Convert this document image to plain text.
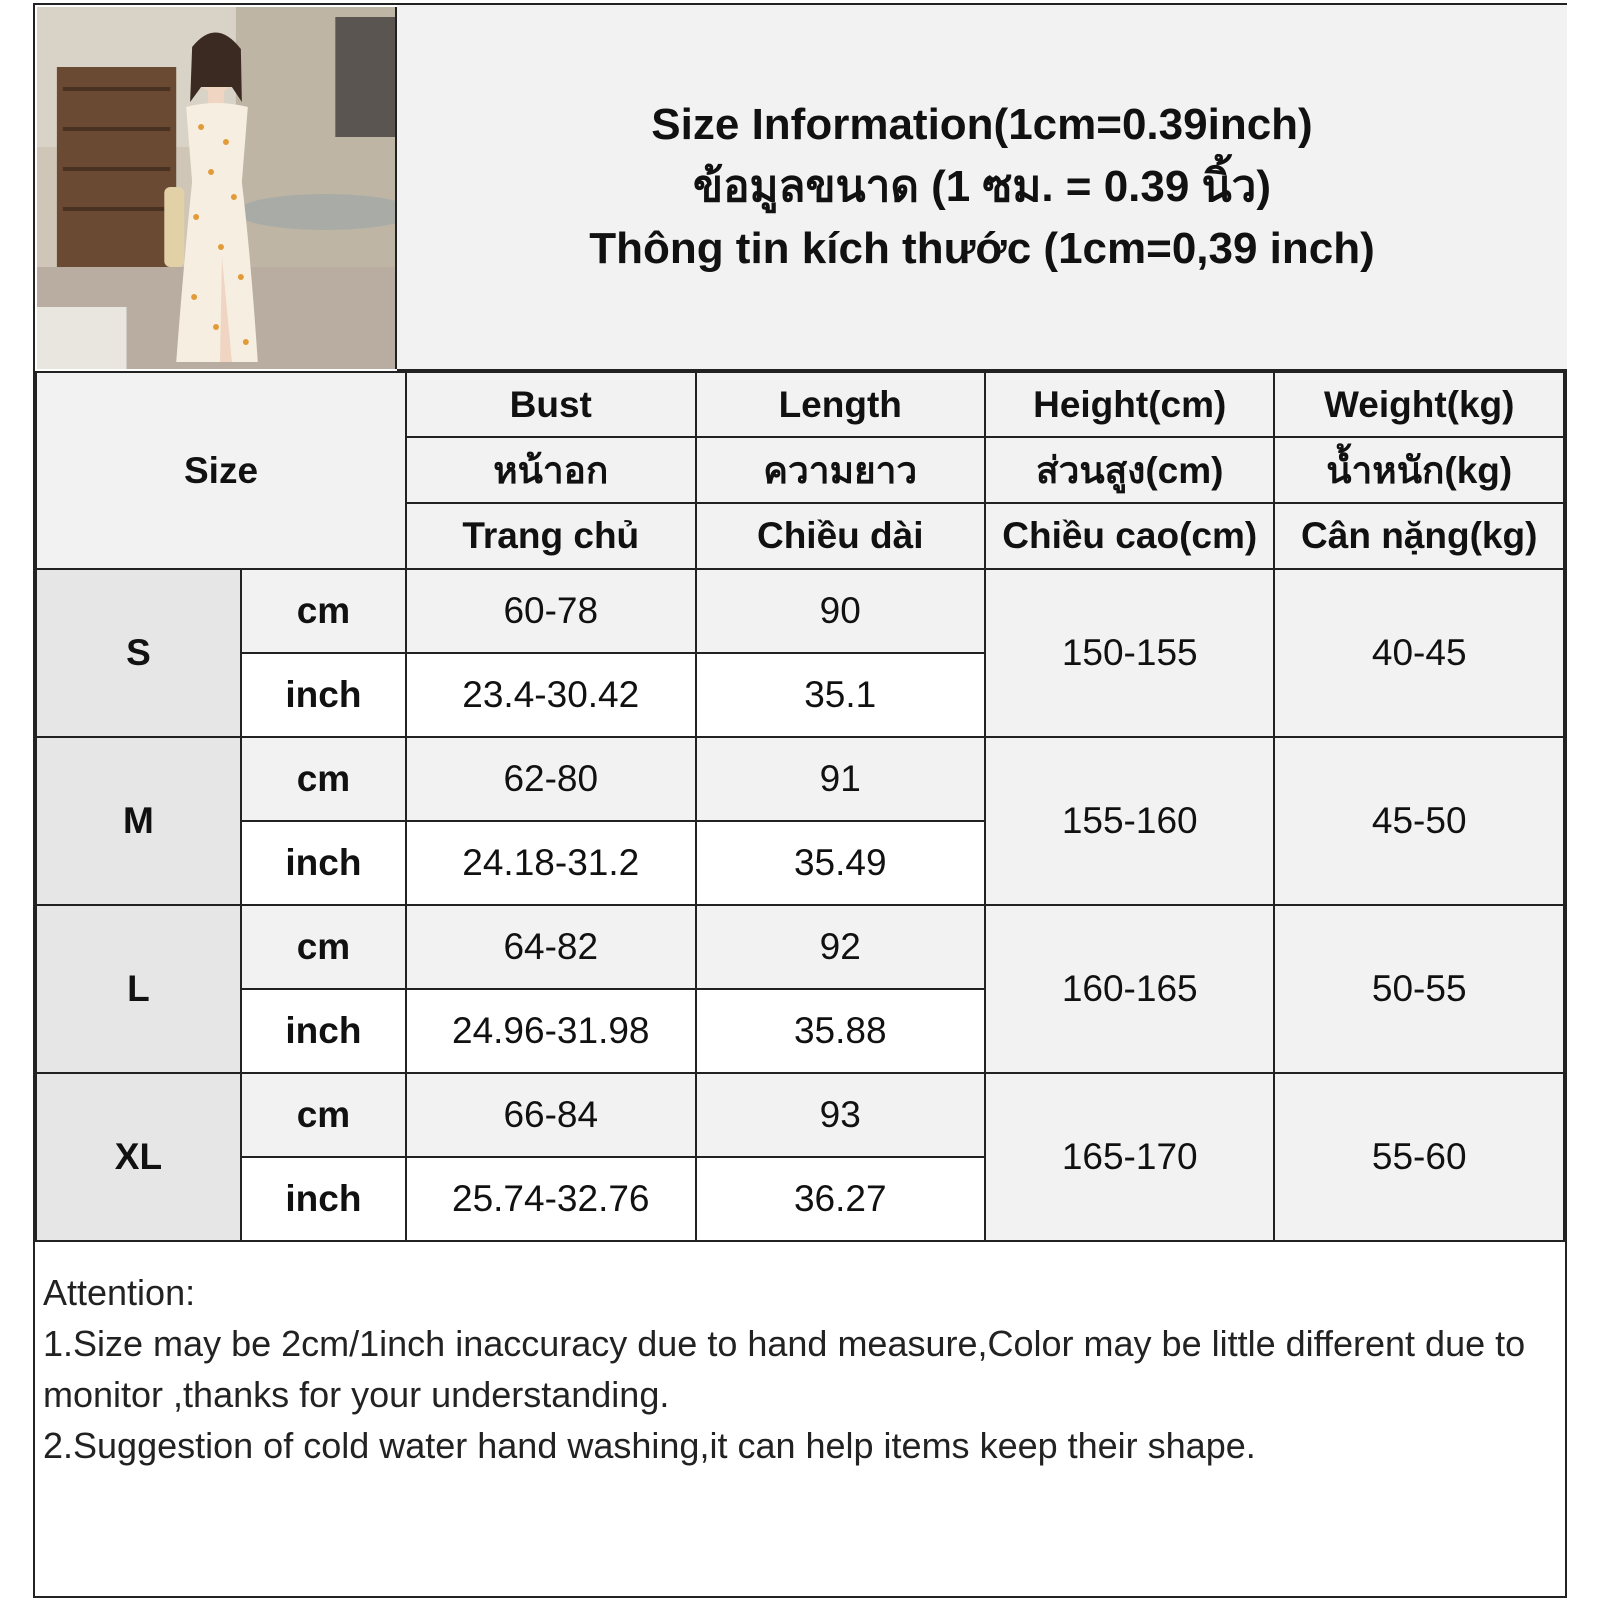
Size Information(1cm=0.39inch)
ข้อมูลขนาด (1 ซม. = 0.39 นิ้ว)
Thông tin kích thước (1cm=0,39 inch)
Size		Bust	Length	Height(cm)	Weight(kg)
		หน้าอก	ความยาว	ส่วนสูง(cm)	น้ำหนัก(kg)
		Trang chủ	Chiều dài	Chiều cao(cm)	Cân nặng(kg)
S	cm	60-78	90	150-155	40-45
	inch	23.4-30.42	35.1		
M	cm	62-80	91	155-160	45-50
	inch	24.18-31.2	35.49		
L	cm	64-82	92	160-165	50-55
	inch	24.96-31.98	35.88		
XL	cm	66-84	93	165-170	55-60
	inch	25.74-32.76	36.27		
Attention:
1.Size may be 2cm/1inch inaccuracy due to hand measure,Color may be little different due to monitor ,thanks for your understanding.
2.Suggestion of cold water hand washing,it can help items keep their shape.
